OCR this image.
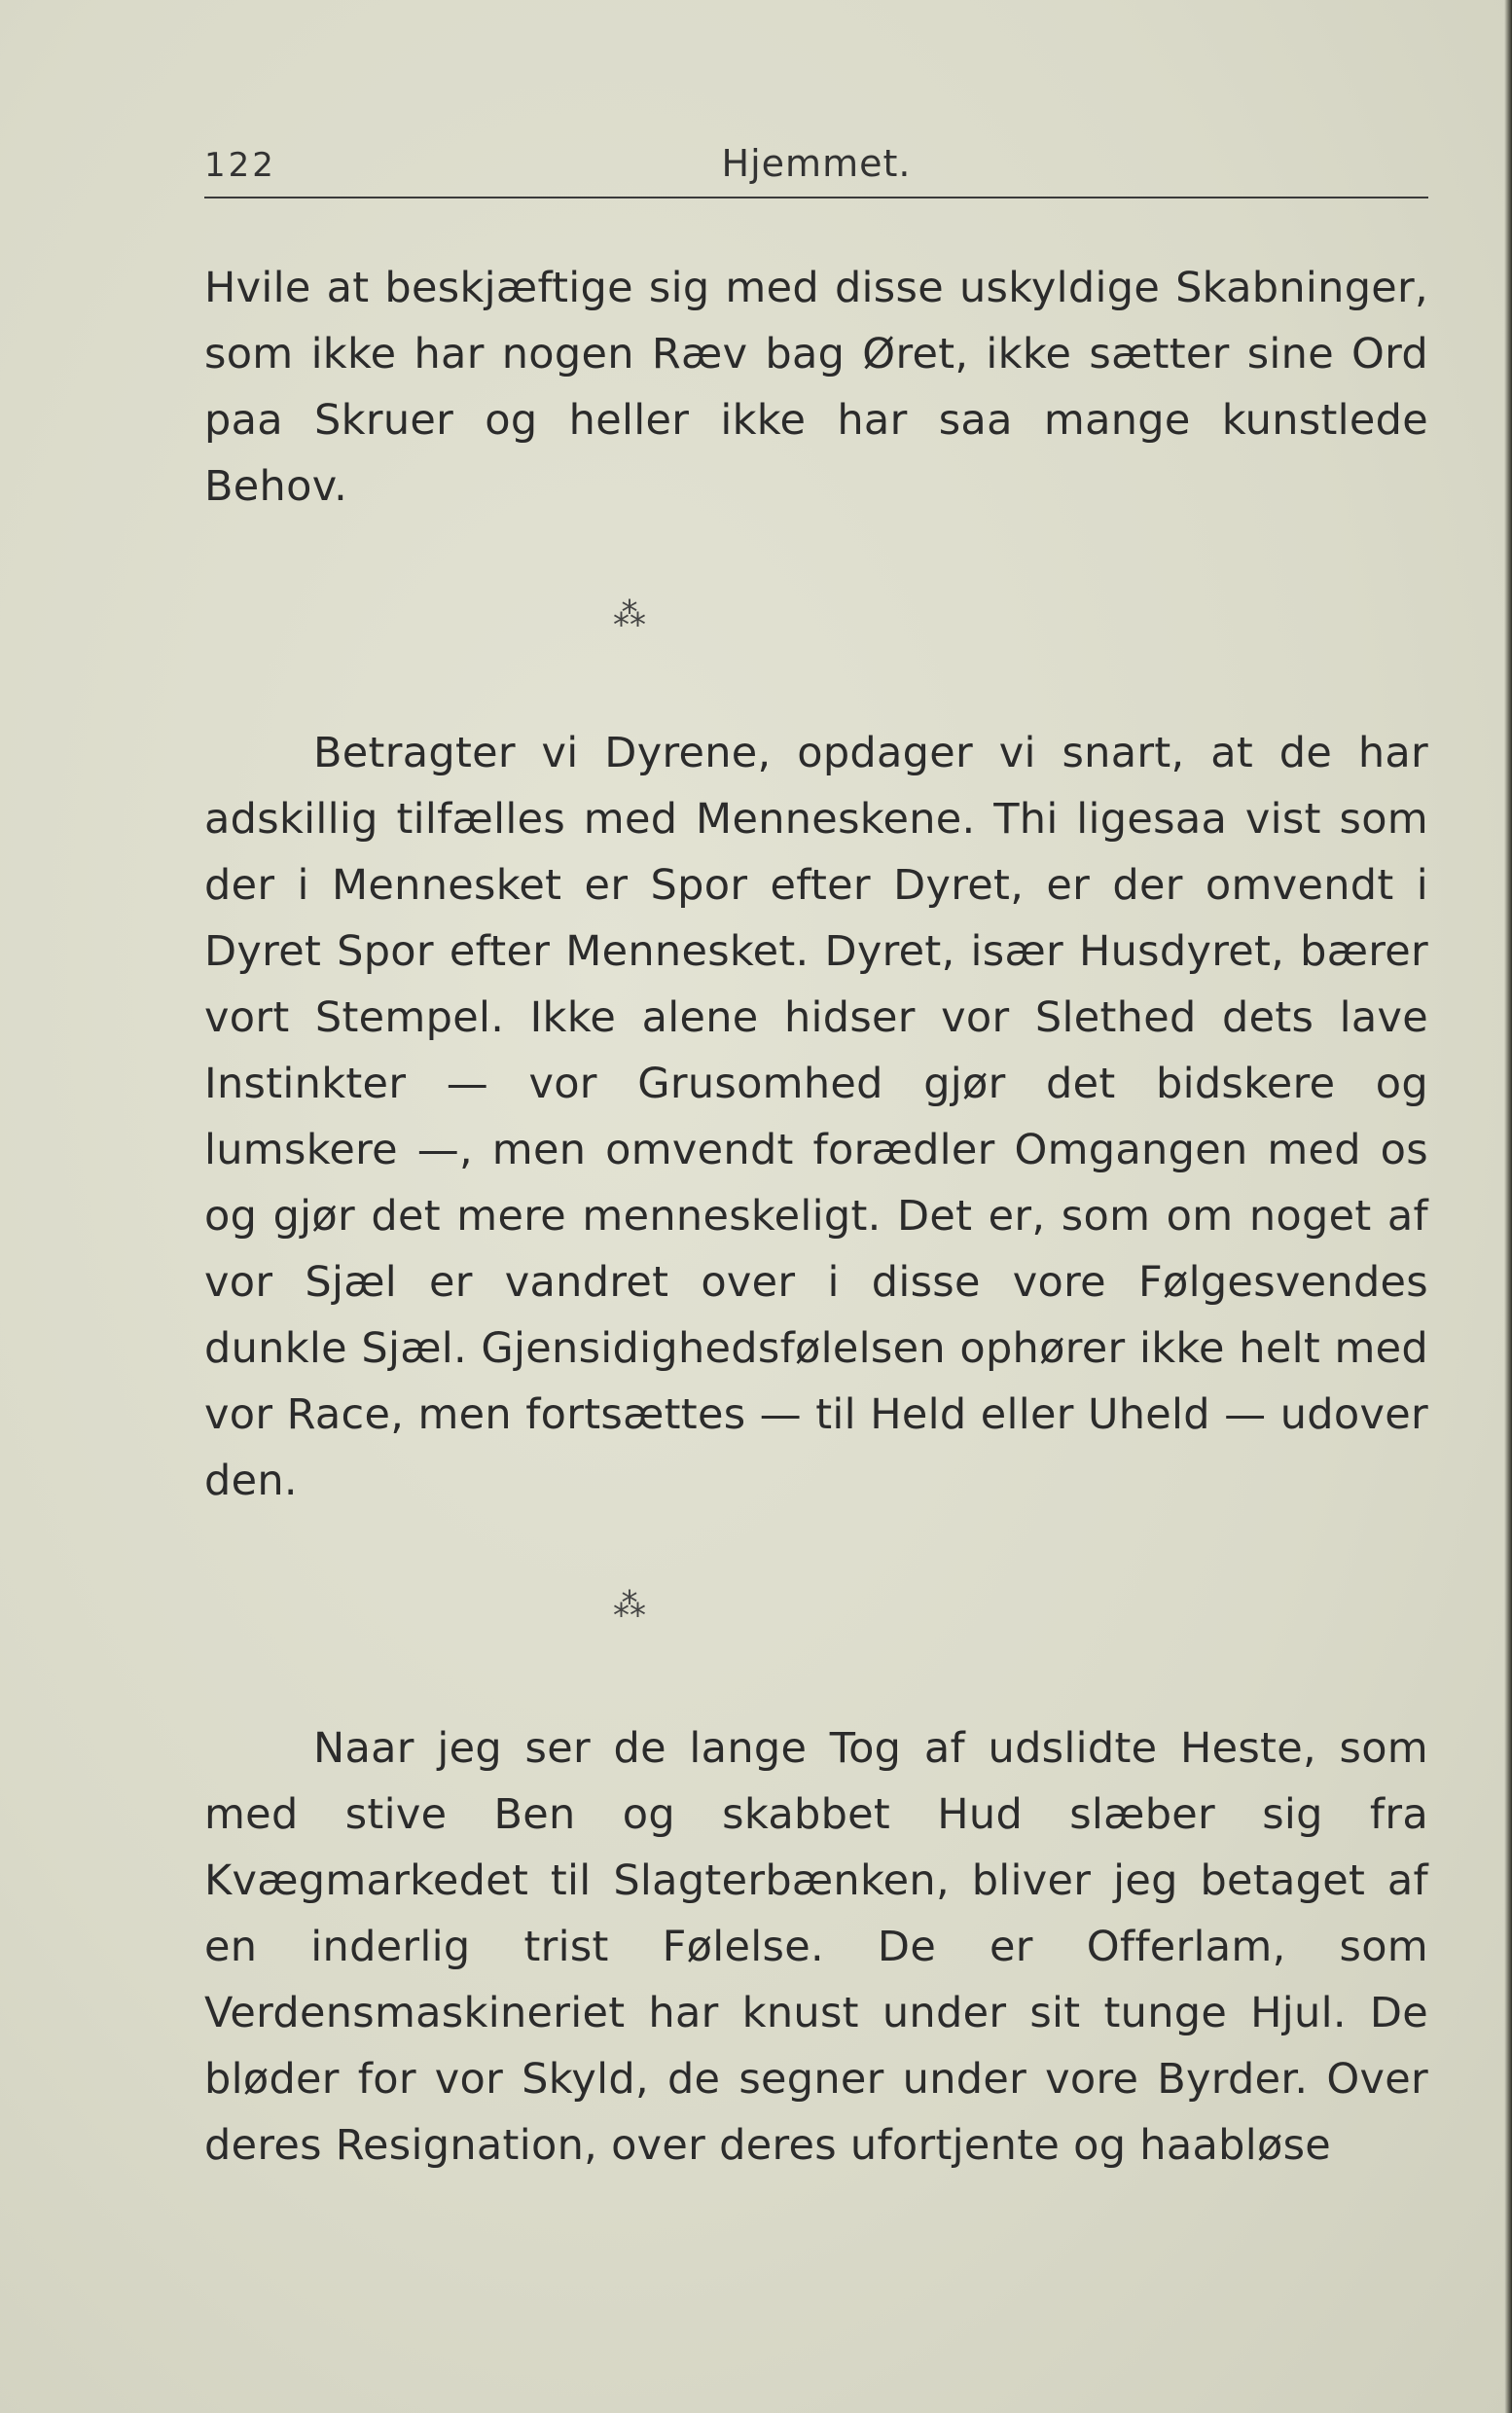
122	Hjemmet.

Hvile at beskjæftige sig med disse uskyldige Skabninger, som ikke har nogen Ræv bag Øret, ikke sætter sine Ord paa Skruer og heller ikke har saa mange kunstlede Behov.

⁂

Betragter vi Dyrene, opdager vi snart, at de har adskillig tilfælles med Menneskene. Thi ligesaa vist som der i Mennesket er Spor efter Dyret, er der omvendt i Dyret Spor efter Mennesket. Dyret, især Husdyret, bærer vort Stempel. Ikke alene hidser vor Slethed dets lave Instinkter — vor Grusomhed gjør det bidskere og lumskere —, men omvendt forædler Omgangen med os og gjør det mere menneskeligt. Det er, som om noget af vor Sjæl er vandret over i disse vore Følgesvendes dunkle Sjæl. Gjensidighedsfølelsen ophører ikke helt med vor Race, men fortsættes — til Held eller Uheld — udover den.

⁂

Naar jeg ser de lange Tog af udslidte Heste, som med stive Ben og skabbet Hud slæber sig fra Kvægmarkedet til Slagterbænken, bliver jeg betaget af en inderlig trist Følelse. De er Offerlam, som Verdensmaskineriet har knust under sit tunge Hjul. De bløder for vor Skyld, de segner under vore Byrder. Over deres Resignation, over deres ufortjente og haabløse
